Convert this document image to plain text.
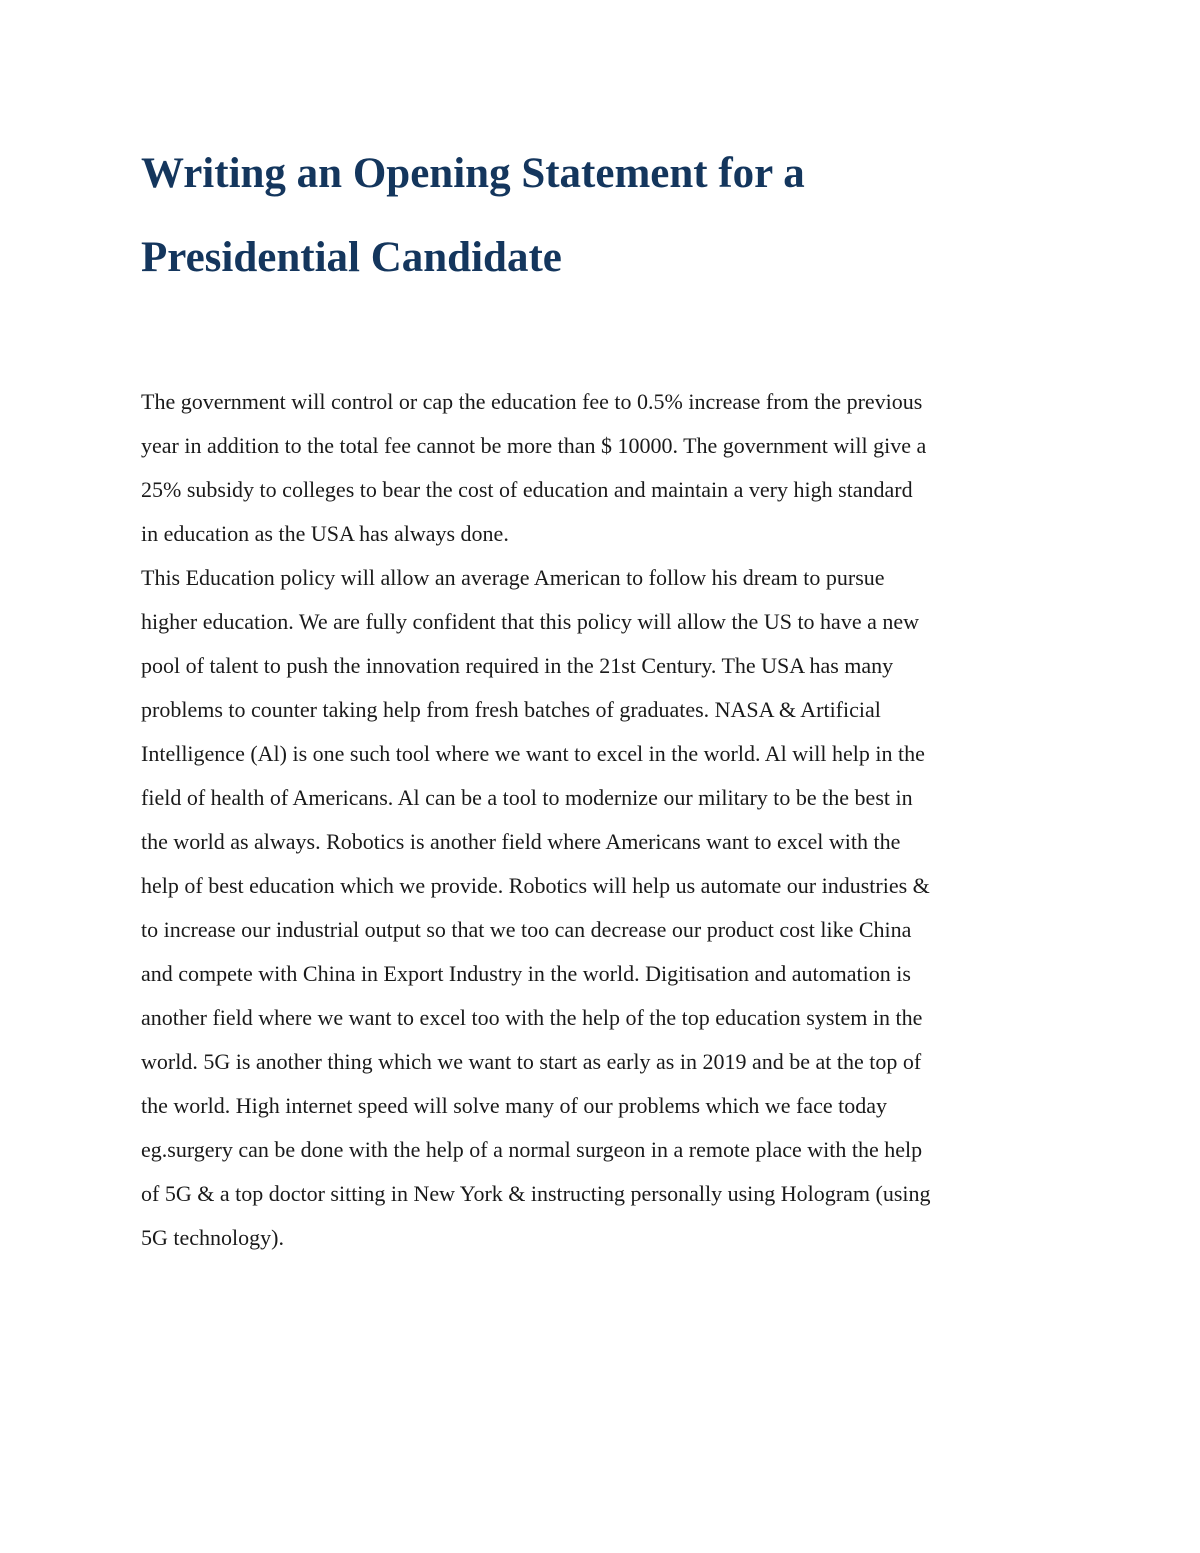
Writing an Opening Statement for a
Presidential Candidate

The government will control or cap the education fee to 0.5% increase from the previous
year in addition to the total fee cannot be more than $ 10000. The government will give a
25% subsidy to colleges to bear the cost of education and maintain a very high standard
in education as the USA has always done.

This Education policy will allow an average American to follow his dream to pursue
higher education. We are fully confident that this policy will allow the US to have a new
pool of talent to push the innovation required in the 21st Century. The USA has many
problems to counter taking help from fresh batches of graduates. NASA & Artificial
Intelligence (Al) is one such tool where we want to excel in the world. Al will help in the
field of health of Americans. Al can be a tool to modernize our military to be the best in
the world as always. Robotics is another field where Americans want to excel with the
help of best education which we provide. Robotics will help us automate our industries &
to increase our industrial output so that we too can decrease our product cost like China
and compete with China in Export Industry in the world. Digitisation and automation is
another field where we want to excel too with the help of the top education system in the
world. 5G is another thing which we want to start as early as in 2019 and be at the top of
the world. High internet speed will solve many of our problems which we face today
eg.surgery can be done with the help of a normal surgeon in a remote place with the help
of 5G & a top doctor sitting in New York & instructing personally using Hologram (using
5G technology).
